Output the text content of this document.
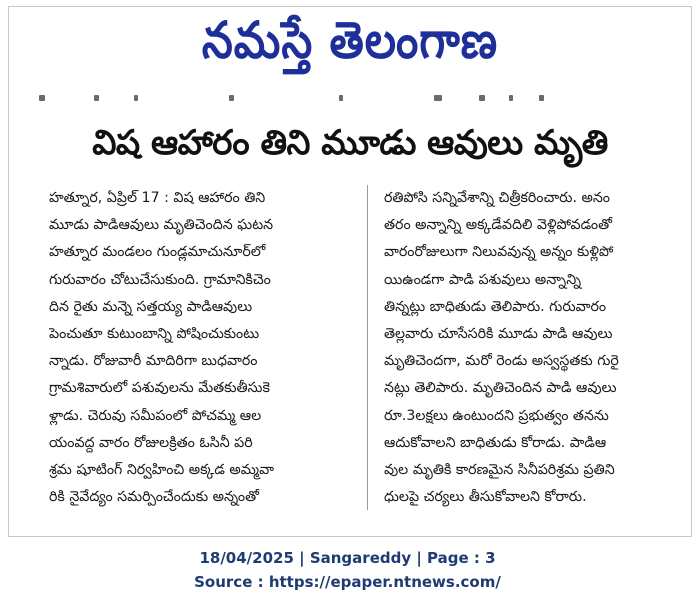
నమస్తే తెలంగాణ
విష ఆహారం తిని మూడు ఆవులు మృతి
హత్నూర, ఏప్రిల్ 17 : విష ఆహారం తిని
మూడు పాడిఆవులు మృతిచెందిన ఘటన
హత్నూర మండలం గుండ్లమాచునూర్‌లో
గురువారం చోటుచేసుకుంది. గ్రామానికిచెం
దిన రైతు మన్నె సత్తయ్య పాడిఆవులు
పెంచుతూ కుటుంబాన్ని పోషించుకుంటు
న్నాడు. రోజువారీ మాదిరిగా బుధవారం
గ్రామశివారులో పశువులను మేతకుతీసుకె
ళ్లాడు. చెరువు సమీపంలో పోచమ్మ ఆల
యంవద్ద వారం రోజులక్రితం ఓసినీ పరి
శ్రమ షూటింగ్ నిర్వహించి అక్కడ అమ్మవా
రికి నైవేద్యం సమర్పించేందుకు అన్నంతో
రతిపోసి సన్నివేశాన్ని చిత్రీకరించారు. అనం
తరం అన్నాన్ని అక్కడేవదిలి వెళ్లిపోవడంతో
వారంరోజులుగా నిలువవున్న అన్నం కుళ్లిపో
యిఉండగా పాడి పశువులు అన్నాన్ని
తిన్నట్లు బాధితుడు తెలిపారు. గురువారం
తెల్లవారు చూసేసరికి మూడు పాడి ఆవులు
మృతిచెందగా, మరో రెండు అస్వస్థతకు గురై
నట్లు తెలిపారు. మృతిచెందిన పాడి ఆవులు
రూ.3లక్షలు ఉంటుందని ప్రభుత్వం తనను
ఆదుకోవాలని బాధితుడు కోరాడు. పాడిఆ
వుల మృతికి కారణమైన సినీపరిశ్రమ ప్రతిని
ధులపై చర్యలు తీసుకోవాలని కోరారు.
18/04/2025 | Sangareddy | Page : 3
Source : https://epaper.ntnews.com/
